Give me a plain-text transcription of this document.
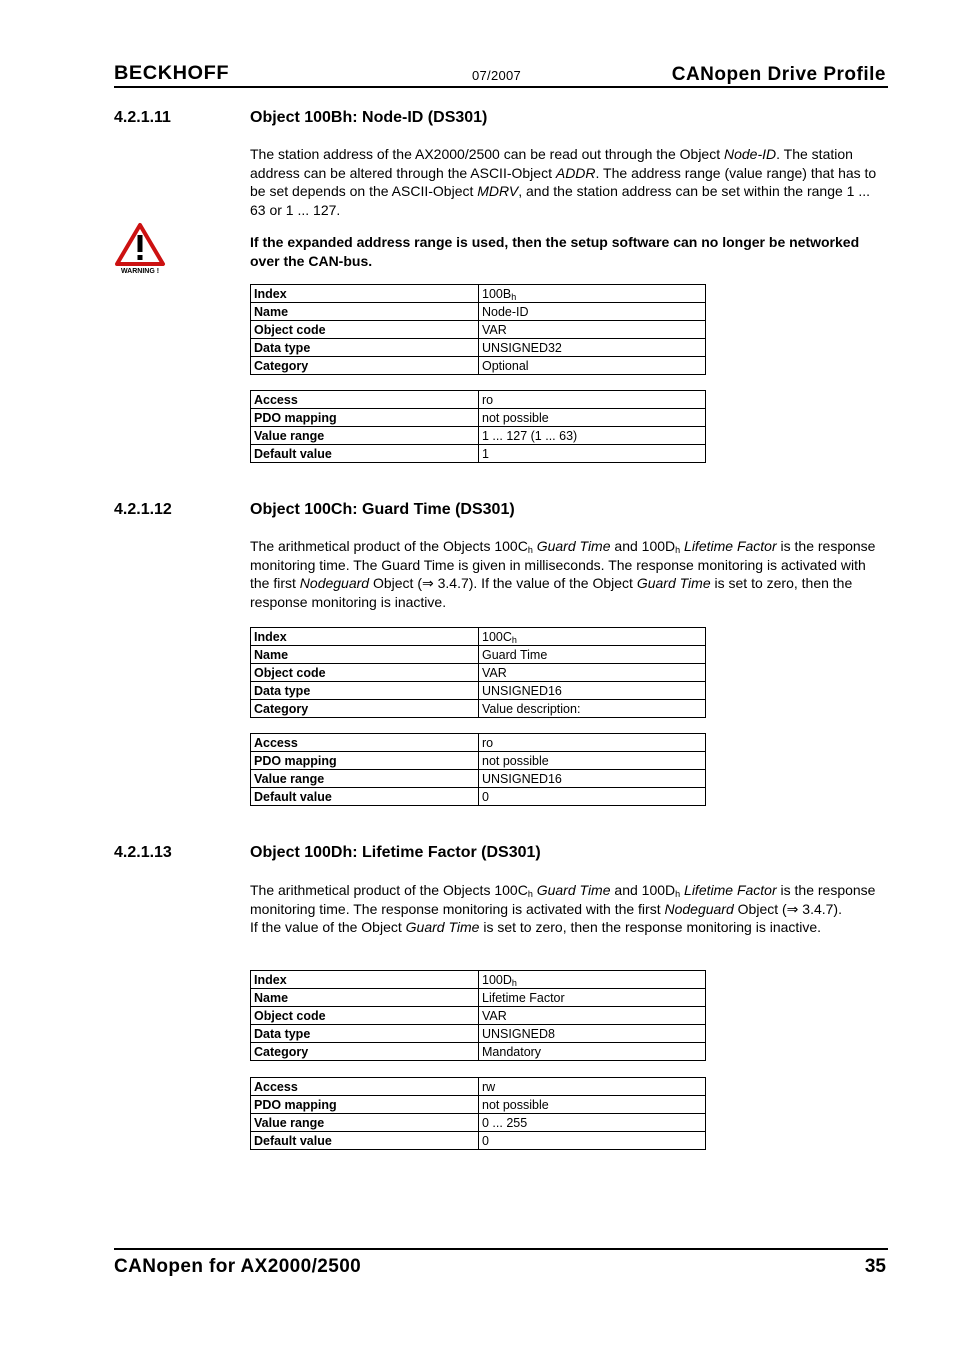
BECKHOFF	07/2007	CANopen Drive Profile
4.2.1.11	Object 100Bh: Node-ID (DS301)
The station address of the AX2000/2500 can be read out through the Object Node-ID. The station address can be altered through the ASCII-Object ADDR. The address range (value range) that has to be set depends on the ASCII-Object MDRV, and the station address can be set within the range 1 ... 63 or 1 ... 127.
WARNING !
If the expanded address range is used, then the setup software can no longer be networked over the CAN-bus.
Index	$100B_h$
Name	Node-ID
Object code	VAR
Data type	UNSIGNED32
Category	Optional
Access	ro
PDO mapping	not possible
Value range	1 ... 127 (1 ... 63)
Default value	1
4.2.1.12	Object 100Ch: Guard Time (DS301)
The arithmetical product of the Objects $100C_h$ Guard Time and $100D_h$ Lifetime Factor is the response monitoring time. The Guard Time is given in milliseconds. The response monitoring is activated with the first Nodeguard Object (⇒ 3.4.7). If the value of the Object Guard Time is set to zero, then the response monitoring is inactive.
Index	$100C_h$
Name	Guard Time
Object code	VAR
Data type	UNSIGNED16
Category	Value description:
Access	ro
PDO mapping	not possible
Value range	UNSIGNED16
Default value	0
4.2.1.13	Object 100Dh: Lifetime Factor (DS301)
The arithmetical product of the Objects $100C_h$ Guard Time and $100D_h$ Lifetime Factor is the response monitoring time. The response monitoring is activated with the first Nodeguard Object (⇒ 3.4.7).
If the value of the Object Guard Time is set to zero, then the response monitoring is inactive.
Index	$100D_h$
Name	Lifetime Factor
Object code	VAR
Data type	UNSIGNED8
Category	Mandatory
Access	rw
PDO mapping	not possible
Value range	0 ... 255
Default value	0
CANopen for AX2000/2500	35
